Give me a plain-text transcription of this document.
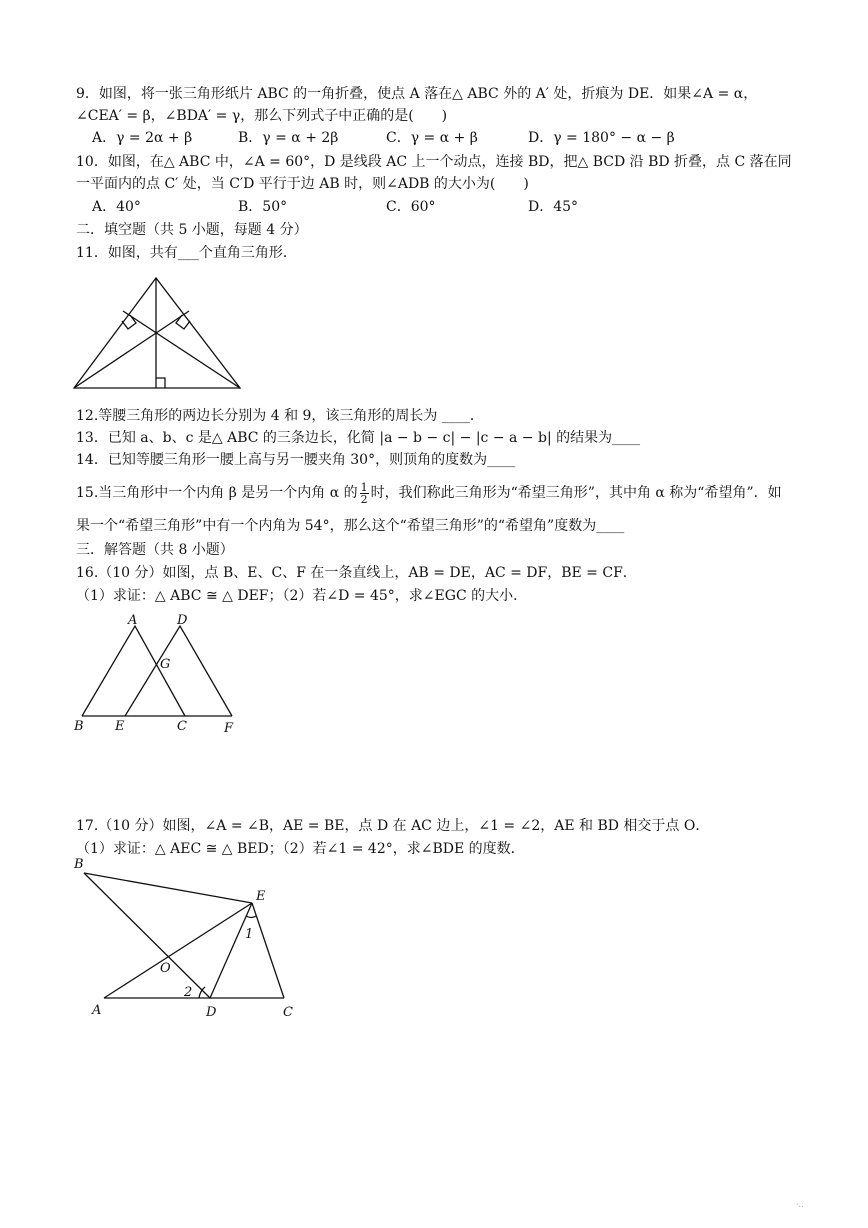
9．如图，将一张三角形纸片 ABC 的一角折叠，使点 A 落在△ ABC 外的 A′ 处，折痕为 DE．如果∠A = α，
∠CEA′ = β，∠BDA′ = γ，那么下列式子中正确的是(　　)
A．γ = 2α + β	B．γ = α + 2β	C．γ = α + β	D．γ = 180° − α − β
10．如图，在△ ABC 中，∠A = 60°，D 是线段 AC 上一个动点，连接 BD，把△ BCD 沿 BD 折叠，点 C 落在同
一平面内的点 C′ 处，当 C′D 平行于边 AB 时，则∠ADB 的大小为(　　)
A．40°	B．50°	C．60°	D．45°
二．填空题（共 5 小题，每题 4 分）
11．如图，共有___个直角三角形．
12.等腰三角形的两边长分别为 4 和 9，该三角形的周长为 ____．
13．已知 a、b、c 是△ ABC 的三条边长，化简 |a − b − c| − |c − a − b| 的结果为____
14．已知等腰三角形一腰上高与另一腰夹角 30°，则顶角的度数为____
15.当三角形中一个内角 β 是另一个内角 α 的 $\frac{1}{2}$ 时，我们称此三角形为“希望三角形”，其中角 α 称为“希望角”．如
果一个“希望三角形”中有一个内角为 54°，那么这个“希望三角形”的“希望角”度数为____
三．解答题（共 8 小题）
16.（10 分）如图，点 B、E、C、F 在一条直线上，AB = DE，AC = DF，BE = CF．
（1）求证：△ ABC ≅ △ DEF；（2）若∠D = 45°，求∠EGC 的大小．
A	D
G
B E	C	F
17.（10 分）如图，∠A = ∠B，AE = BE，点 D 在 AC 边上，∠1 = ∠2，AE 和 BD 相交于点 O．
（1）求证：△ AEC ≅ △ BED；（2）若∠1 = 42°，求∠BDE 的度数．
B
E
1
O
2
A	D	C
·..
